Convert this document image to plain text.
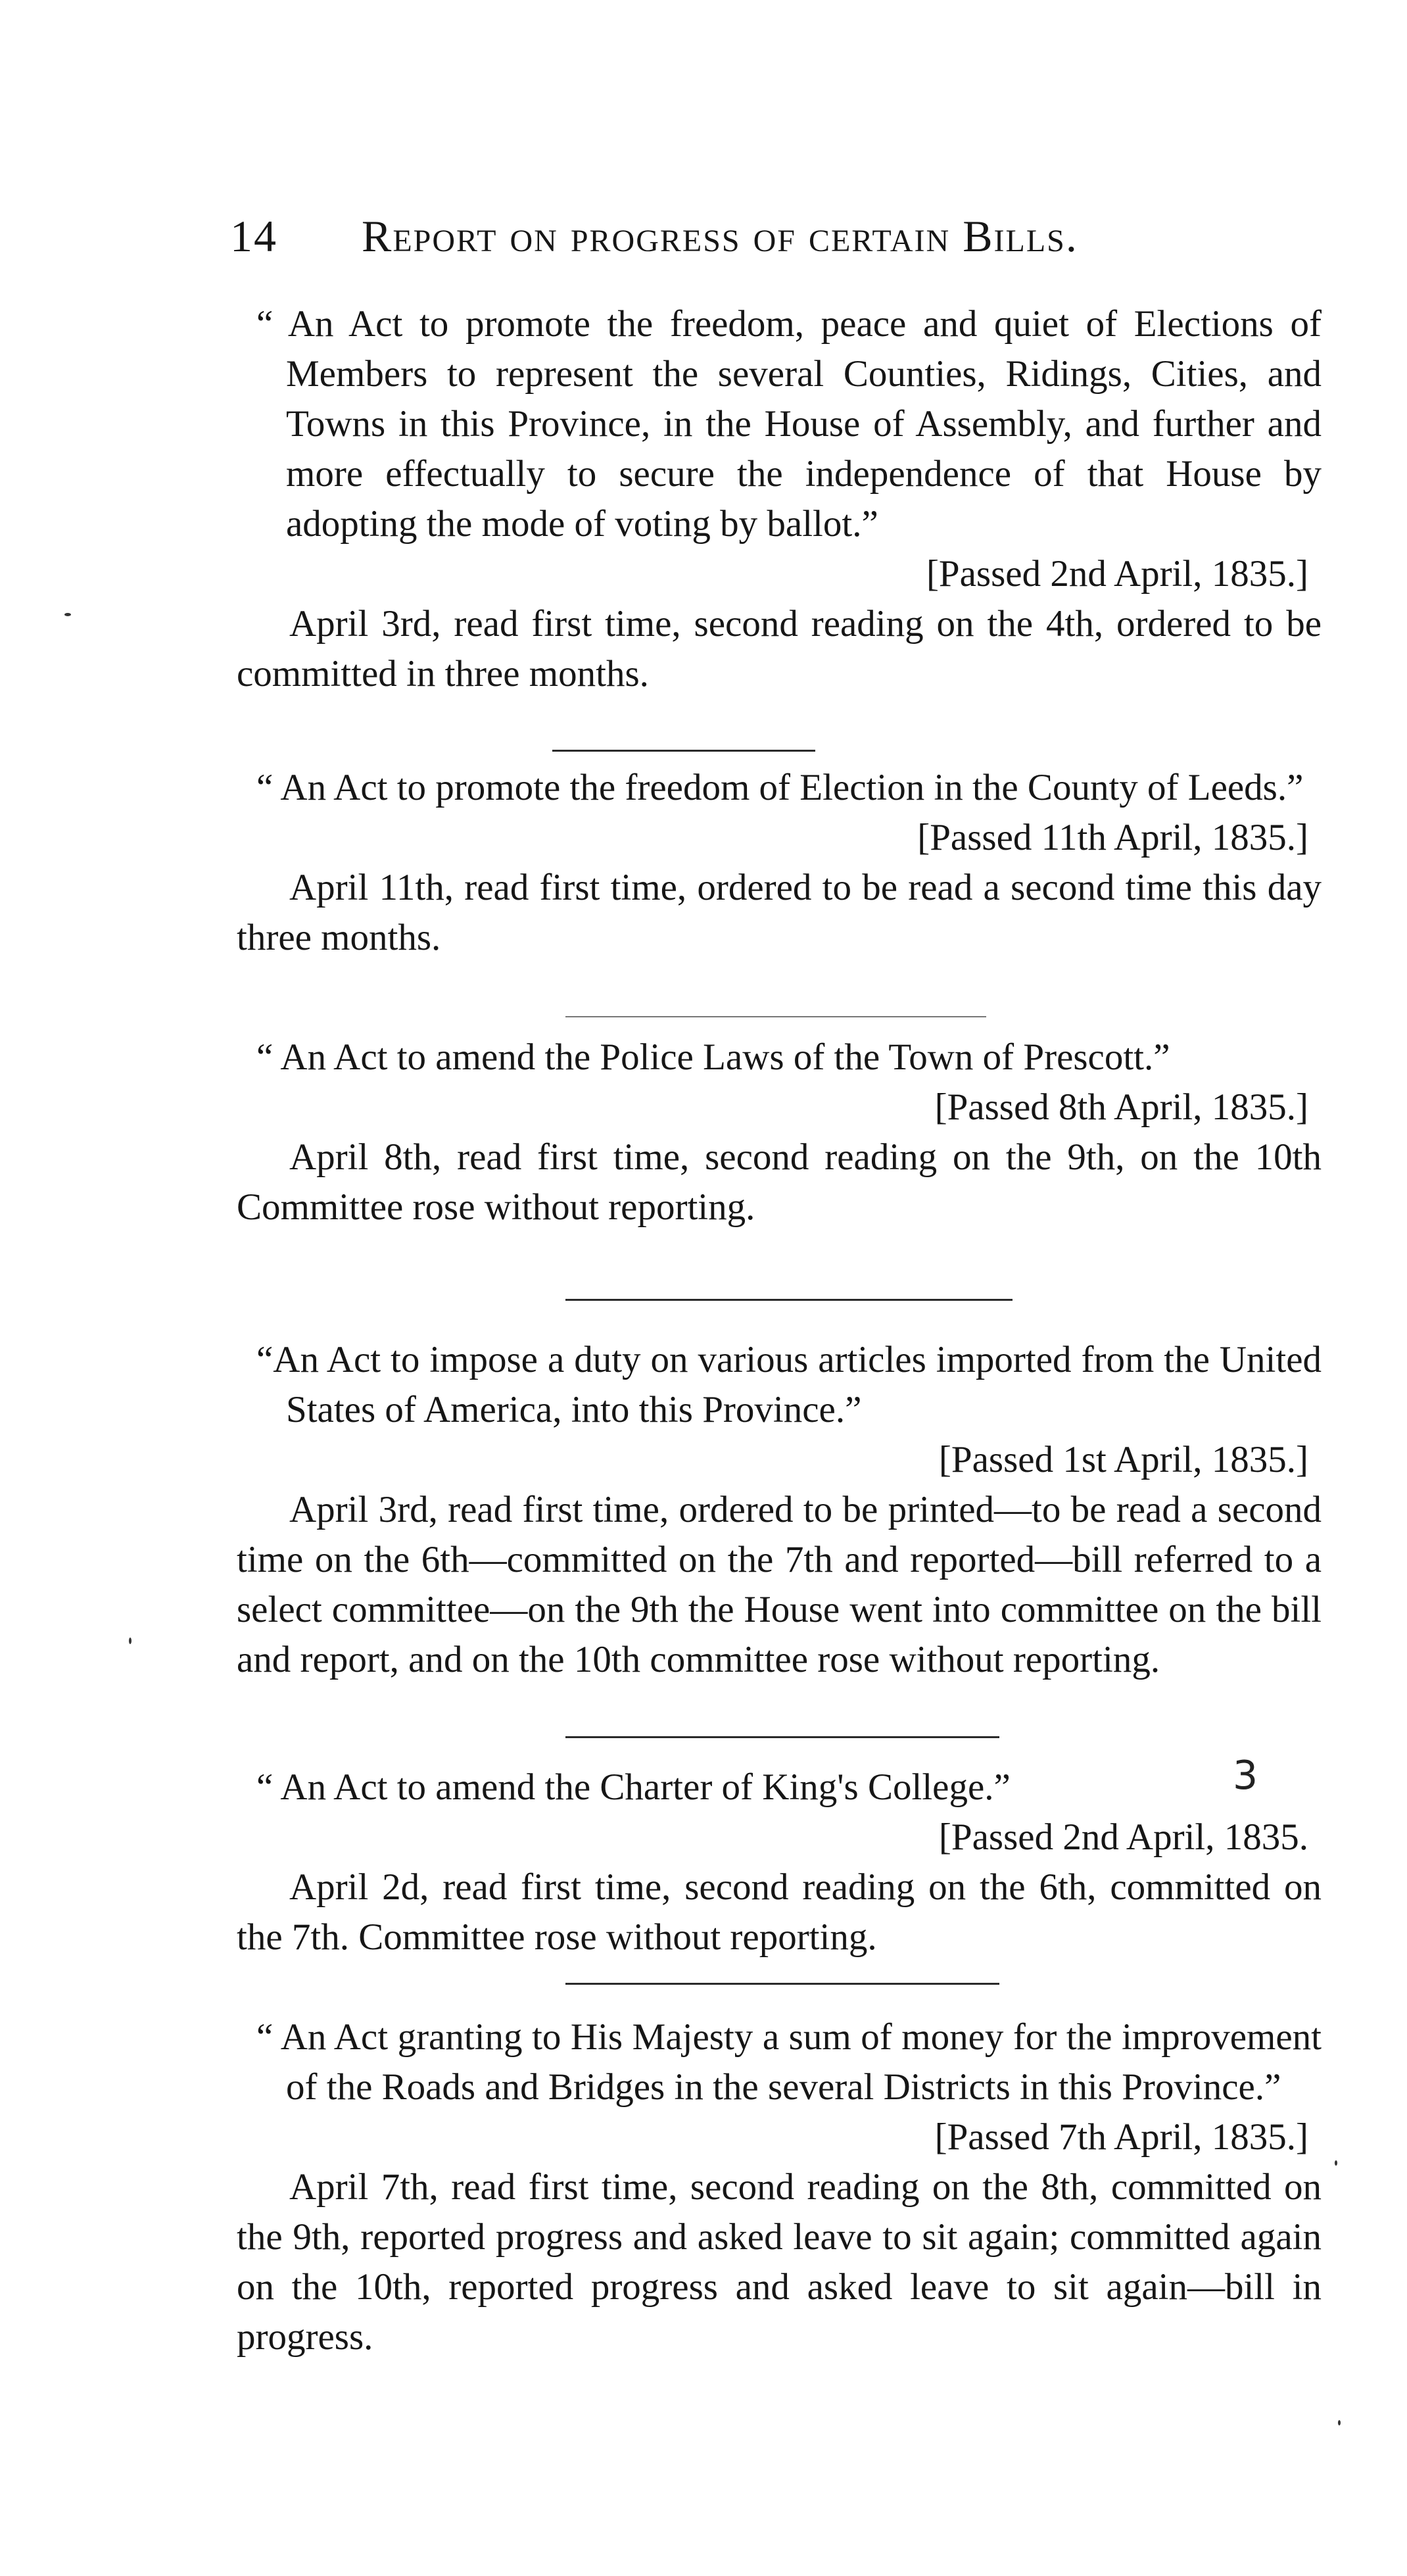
14 Report on progress of certain Bills.
“ An Act to promote the freedom, peace and quiet of Elections of Members to represent the several Counties, Ridings, Cities, and Towns in this Province, in the House of Assembly, and further and more effectually to secure the independence of that House by adopting the mode of voting by ballot.”
[Passed 2nd April, 1835.]
April 3rd, read first time, second reading on the 4th, ordered to be committed in three months.
“ An Act to promote the freedom of Election in the County of Leeds.”
[Passed 11th April, 1835.]
April 11th, read first time, ordered to be read a second time this day three months.
“ An Act to amend the Police Laws of the Town of Prescott.”
[Passed 8th April, 1835.]
April 8th, read first time, second reading on the 9th, on the 10th Committee rose without reporting.
“An Act to impose a duty on various articles imported from the United States of America, into this Province.”
[Passed 1st April, 1835.]
April 3rd, read first time, ordered to be printed—to be read a second time on the 6th—committed on the 7th and reported—bill referred to a select committee—on the 9th the House went into committee on the bill and report, and on the 10th committee rose without reporting.
“ An Act to amend the Charter of King's College.”
[Passed 2nd April, 1835.
April 2d, read first time, second reading on the 6th, committed on the 7th. Committee rose without reporting.
3
“ An Act granting to His Majesty a sum of money for the improvement of the Roads and Bridges in the several Districts in this Province.”
[Passed 7th April, 1835.]
April 7th, read first time, second reading on the 8th, committed on the 9th, reported progress and asked leave to sit again; committed again on the 10th, reported progress and asked leave to sit again—bill in progress.
